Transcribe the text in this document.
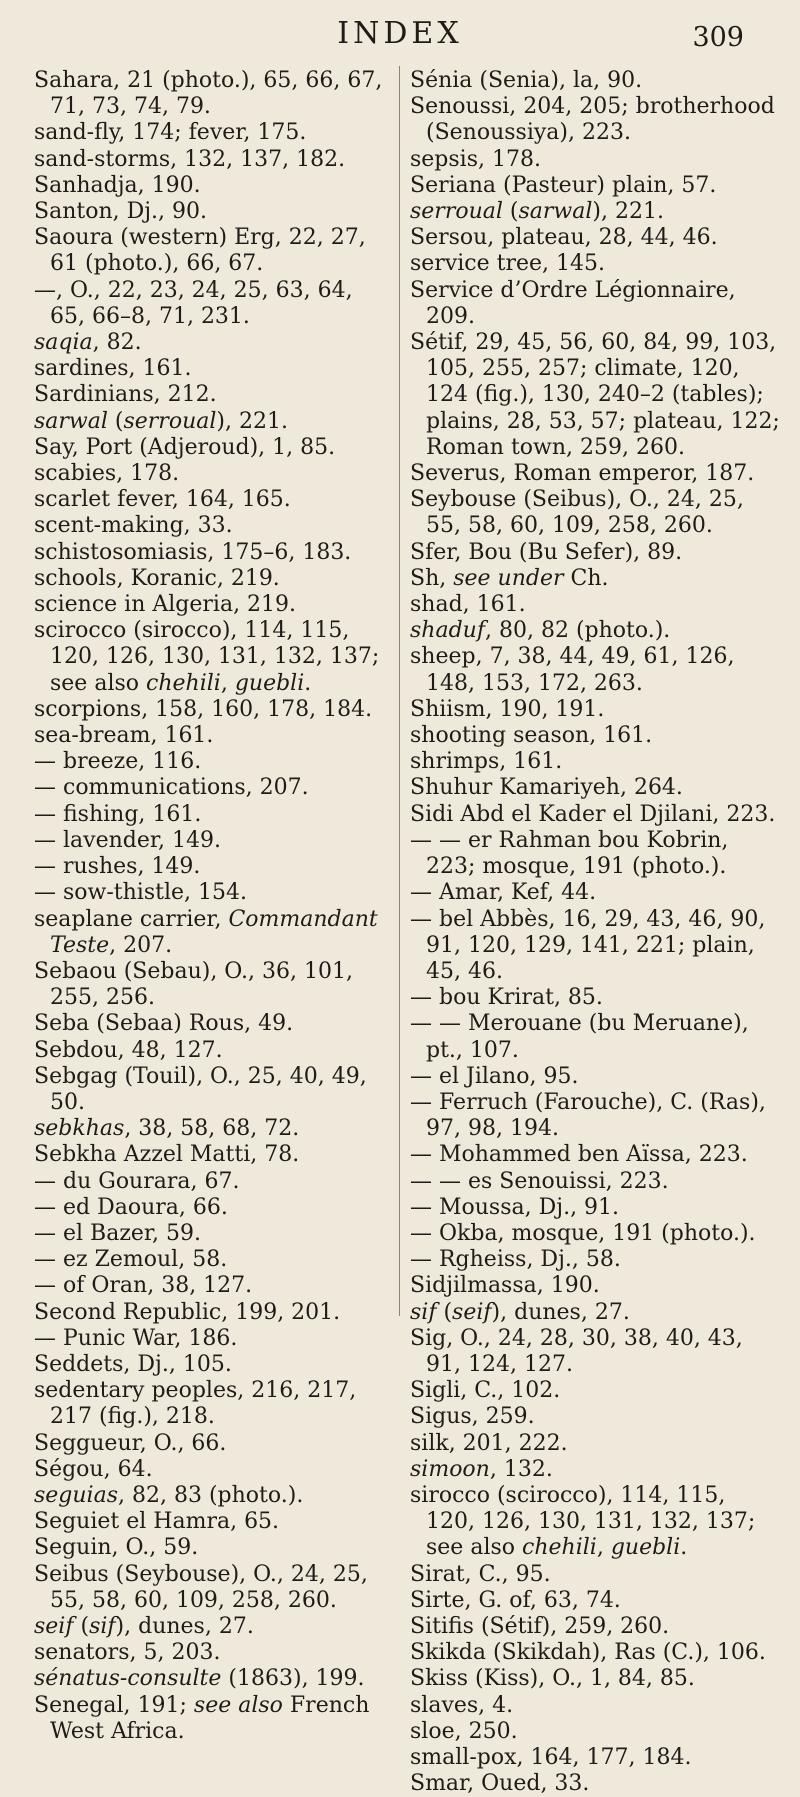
INDEX	309

Sahara, 21 (photo.), 65, 66, 67, 71, 73, 74, 79.

sand-fly, 174; fever, 175.

sand-storms, 132, 137, 182.

Sanhadja, 190.

Santon, Dj., 90.

Saoura (western) Erg, 22, 27, 61 (photo.), 66, 67.

—, O., 22, 23, 24, 25, 63, 64, 65, 66–8, 71, 231.

saqia, 82.

sardines, 161.

Sardinians, 212.

sarwal (serroual), 221.

Say, Port (Adjeroud), 1, 85.

scabies, 178.

scarlet fever, 164, 165.

scent-making, 33.

schistosomiasis, 175–6, 183.

schools, Koranic, 219.

science in Algeria, 219.

scirocco (sirocco), 114, 115, 120, 126, 130, 131, 132, 137; see also chehili, guebli.

scorpions, 158, 160, 178, 184.

sea-bream, 161.

— breeze, 116.

— communications, 207.

— fishing, 161.

— lavender, 149.

— rushes, 149.

— sow-thistle, 154.

seaplane carrier, Commandant Teste, 207.

Sebaou (Sebau), O., 36, 101, 255, 256.

Seba (Sebaa) Rous, 49.

Sebdou, 48, 127.

Sebgag (Touil), O., 25, 40, 49, 50.

sebkhas, 38, 58, 68, 72.

Sebkha Azzel Matti, 78.

— du Gourara, 67.

— ed Daoura, 66.

— el Bazer, 59.

— ez Zemoul, 58.

— of Oran, 38, 127.

Second Republic, 199, 201.

— Punic War, 186.

Seddets, Dj., 105.

sedentary peoples, 216, 217, 217 (fig.), 218.

Seggueur, O., 66.

Ségou, 64.

seguias, 82, 83 (photo.).

Seguiet el Hamra, 65.

Seguin, O., 59.

Seibus (Seybouse), O., 24, 25, 55, 58, 60, 109, 258, 260.

seif (sif), dunes, 27.

senators, 5, 203.

sénatus-consulte (1863), 199.

Senegal, 191; see also French West Africa.

Sénia (Senia), la, 90.

Senoussi, 204, 205; brotherhood (Senoussiya), 223.

sepsis, 178.

Seriana (Pasteur) plain, 57.

serroual (sarwal), 221.

Sersou, plateau, 28, 44, 46.

service tree, 145.

Service d’Ordre Légionnaire, 209.

Sétif, 29, 45, 56, 60, 84, 99, 103, 105, 255, 257; climate, 120, 124 (fig.), 130, 240–2 (tables); plains, 28, 53, 57; plateau, 122; Roman town, 259, 260.

Severus, Roman emperor, 187.

Seybouse (Seibus), O., 24, 25, 55, 58, 60, 109, 258, 260.

Sfer, Bou (Bu Sefer), 89.

Sh, see under Ch.

shad, 161.

shaduf, 80, 82 (photo.).

sheep, 7, 38, 44, 49, 61, 126, 148, 153, 172, 263.

Shiism, 190, 191.

shooting season, 161.

shrimps, 161.

Shuhur Kamariyeh, 264.

Sidi Abd el Kader el Djilani, 223.

— — er Rahman bou Kobrin, 223; mosque, 191 (photo.).

— Amar, Kef, 44.

— bel Abbès, 16, 29, 43, 46, 90, 91, 120, 129, 141, 221; plain, 45, 46.

— bou Krirat, 85.

— — Merouane (bu Meruane), pt., 107.

— el Jilano, 95.

— Ferruch (Farouche), C. (Ras), 97, 98, 194.

— Mohammed ben Aïssa, 223.

— — es Senouissi, 223.

— Moussa, Dj., 91.

— Okba, mosque, 191 (photo.).

— Rgheiss, Dj., 58.

Sidjilmassa, 190.

sif (seif), dunes, 27.

Sig, O., 24, 28, 30, 38, 40, 43, 91, 124, 127.

Sigli, C., 102.

Sigus, 259.

silk, 201, 222.

simoon, 132.

sirocco (scirocco), 114, 115, 120, 126, 130, 131, 132, 137; see also chehili, guebli.

Sirat, C., 95.

Sirte, G. of, 63, 74.

Sitifis (Sétif), 259, 260.

Skikda (Skikdah), Ras (C.), 106.

Skiss (Kiss), O., 1, 84, 85.

slaves, 4.

sloe, 250.

small-pox, 164, 177, 184.

Smar, Oued, 33.
